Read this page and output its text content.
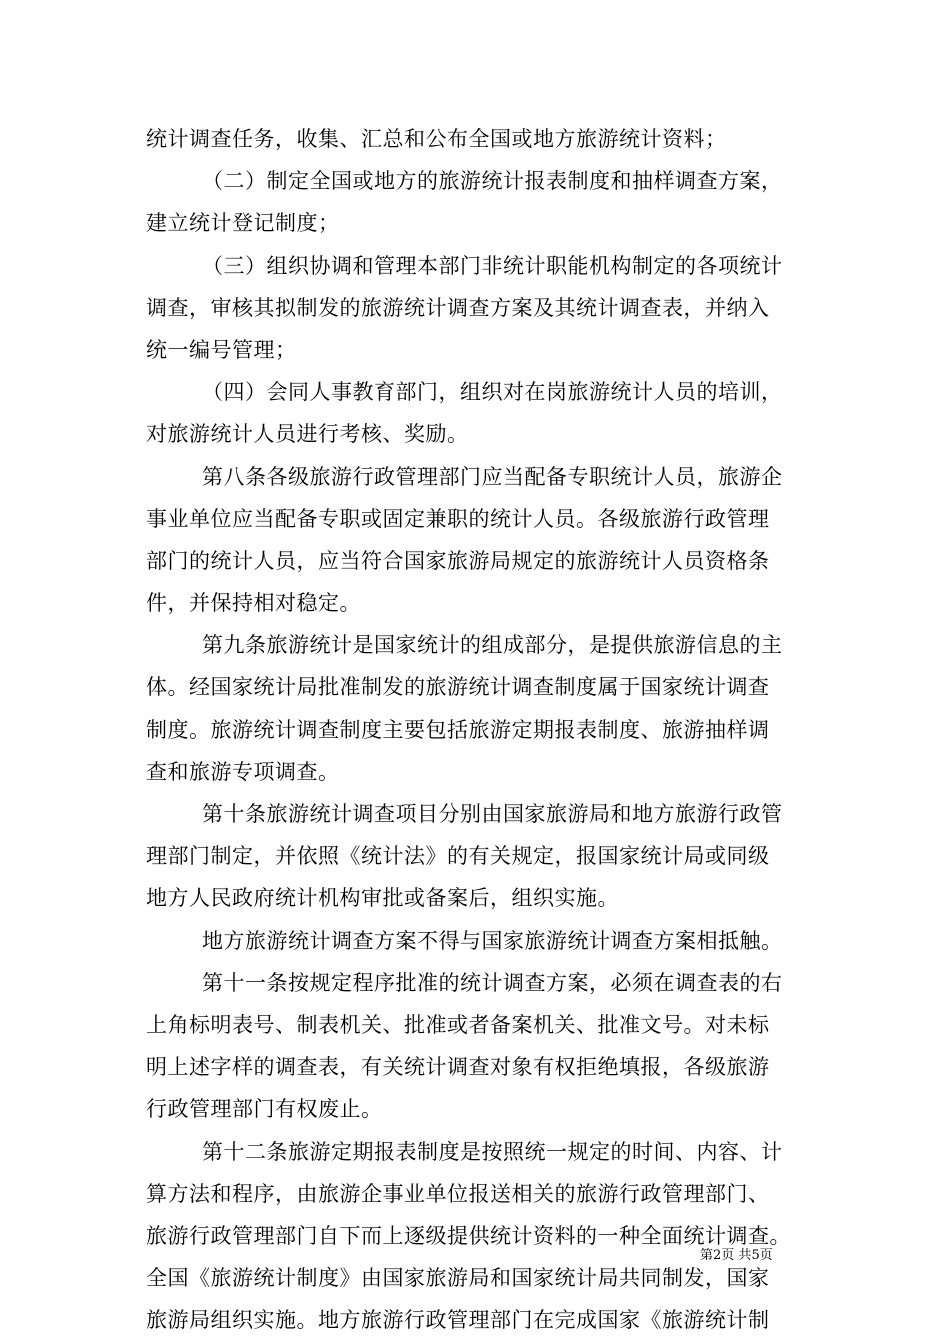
统计调查任务，收集、汇总和公布全国或地方旅游统计资料；
（二）制定全国或地方的旅游统计报表制度和抽样调查方案，
建立统计登记制度；
（三）组织协调和管理本部门非统计职能机构制定的各项统计
调查，审核其拟制发的旅游统计调查方案及其统计调查表，并纳入
统一编号管理；
（四）会同人事教育部门，组织对在岗旅游统计人员的培训，
对旅游统计人员进行考核、奖励。
第八条各级旅游行政管理部门应当配备专职统计人员，旅游企
事业单位应当配备专职或固定兼职的统计人员。各级旅游行政管理
部门的统计人员，应当符合国家旅游局规定的旅游统计人员资格条
件，并保持相对稳定。
第九条旅游统计是国家统计的组成部分，是提供旅游信息的主
体。经国家统计局批准制发的旅游统计调查制度属于国家统计调查
制度。旅游统计调查制度主要包括旅游定期报表制度、旅游抽样调
查和旅游专项调查。
第十条旅游统计调查项目分别由国家旅游局和地方旅游行政管
理部门制定，并依照《统计法》的有关规定，报国家统计局或同级
地方人民政府统计机构审批或备案后，组织实施。
地方旅游统计调查方案不得与国家旅游统计调查方案相抵触。
第十一条按规定程序批准的统计调查方案，必须在调查表的右
上角标明表号、制表机关、批准或者备案机关、批准文号。对未标
明上述字样的调查表，有关统计调查对象有权拒绝填报，各级旅游
行政管理部门有权废止。
第十二条旅游定期报表制度是按照统一规定的时间、内容、计
算方法和程序，由旅游企事业单位报送相关的旅游行政管理部门、
旅游行政管理部门自下而上逐级提供统计资料的一种全面统计调查。
全国《旅游统计制度》由国家旅游局和国家统计局共同制发，国家
旅游局组织实施。地方旅游行政管理部门在完成国家《旅游统计制
第2页 共5页
